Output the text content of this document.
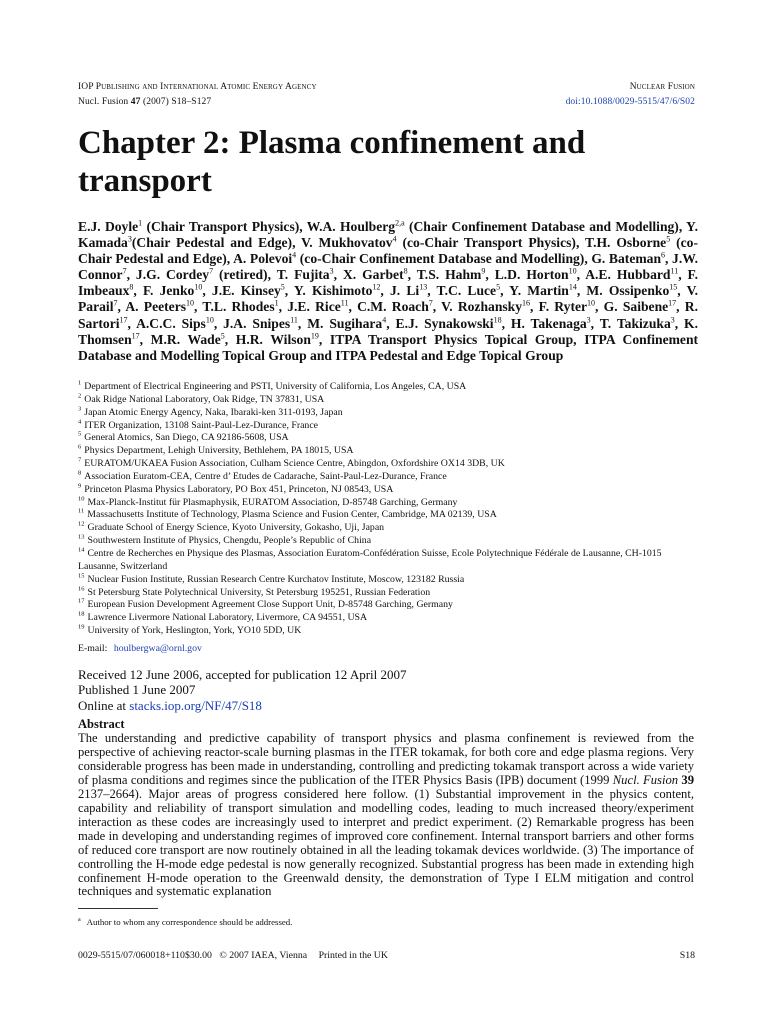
IOP Publishing and International Atomic Energy Agency	Nuclear Fusion
Nucl. Fusion 47 (2007) S18–S127	doi:10.1088/0029-5515/47/6/S02
Chapter 2: Plasma confinement and transport
E.J. Doyle$^1$ (Chair Transport Physics), W.A. Houlberg$^{2,a}$ (Chair Confinement Database and Modelling), Y. Kamada$^3$(Chair Pedestal and Edge), V. Mukhovatov$^4$ (co-Chair Transport Physics), T.H. Osborne$^5$ (co-Chair Pedestal and Edge), A. Polevoi$^4$ (co-Chair Confinement Database and Modelling), G. Bateman$^6$, J.W. Connor$^7$, J.G. Cordey$^7$ (retired), T. Fujita$^3$, X. Garbet$^8$, T.S. Hahm$^9$, L.D. Horton$^{10}$, A.E. Hubbard$^{11}$, F. Imbeaux$^8$, F. Jenko$^{10}$, J.E. Kinsey$^5$, Y. Kishimoto$^{12}$, J. Li$^{13}$, T.C. Luce$^5$, Y. Martin$^{14}$, M. Ossipenko$^{15}$, V. Parail$^7$, A. Peeters$^{10}$, T.L. Rhodes$^1$, J.E. Rice$^{11}$, C.M. Roach$^7$, V. Rozhansky$^{16}$, F. Ryter$^{10}$, G. Saibene$^{17}$, R. Sartori$^{17}$, A.C.C. Sips$^{10}$, J.A. Snipes$^{11}$, M. Sugihara$^4$, E.J. Synakowski$^{18}$, H. Takenaga$^3$, T. Takizuka$^3$, K. Thomsen$^{17}$, M.R. Wade$^5$, H.R. Wilson$^{19}$, ITPA Transport Physics Topical Group, ITPA Confinement Database and Modelling Topical Group and ITPA Pedestal and Edge Topical Group
$^1$ Department of Electrical Engineering and PSTI, University of California, Los Angeles, CA, USA
$^2$ Oak Ridge National Laboratory, Oak Ridge, TN 37831, USA
$^3$ Japan Atomic Energy Agency, Naka, Ibaraki-ken 311-0193, Japan
$^4$ ITER Organization, 13108 Saint-Paul-Lez-Durance, France
$^5$ General Atomics, San Diego, CA 92186-5608, USA
$^6$ Physics Department, Lehigh University, Bethlehem, PA 18015, USA
$^7$ EURATOM/UKAEA Fusion Association, Culham Science Centre, Abingdon, Oxfordshire OX14 3DB, UK
$^8$ Association Euratom-CEA, Centre d’ Etudes de Cadarache, Saint-Paul-Lez-Durance, France
$^9$ Princeton Plasma Physics Laboratory, PO Box 451, Princeton, NJ 08543, USA
$^{10}$ Max-Planck-Institut für Plasmaphysik, EURATOM Association, D-85748 Garching, Germany
$^{11}$ Massachusetts Institute of Technology, Plasma Science and Fusion Center, Cambridge, MA 02139, USA
$^{12}$ Graduate School of Energy Science, Kyoto University, Gokasho, Uji, Japan
$^{13}$ Southwestern Institute of Physics, Chengdu, People’s Republic of China
$^{14}$ Centre de Recherches en Physique des Plasmas, Association Euratom-Confédération Suisse, Ecole Polytechnique Fédérale de Lausanne, CH-1015 Lausanne, Switzerland
$^{15}$ Nuclear Fusion Institute, Russian Research Centre Kurchatov Institute, Moscow, 123182 Russia
$^{16}$ St Petersburg State Polytechnical University, St Petersburg 195251, Russian Federation
$^{17}$ European Fusion Development Agreement Close Support Unit, D-85748 Garching, Germany
$^{18}$ Lawrence Livermore National Laboratory, Livermore, CA 94551, USA
$^{19}$ University of York, Heslington, York, YO10 5DD, UK
E-mail: houlbergwa@ornl.gov
Received 12 June 2006, accepted for publication 12 April 2007
Published 1 June 2007
Online at stacks.iop.org/NF/47/S18
Abstract

The understanding and predictive capability of transport physics and plasma confinement is reviewed from the perspective of achieving reactor-scale burning plasmas in the ITER tokamak, for both core and edge plasma regions. Very considerable progress has been made in understanding, controlling and predicting tokamak transport across a wide variety of plasma conditions and regimes since the publication of the ITER Physics Basis (IPB) document (1999 Nucl. Fusion 39 2137–2664). Major areas of progress considered here follow. (1) Substantial improvement in the physics content, capability and reliability of transport simulation and modelling codes, leading to much increased theory/experiment interaction as these codes are increasingly used to interpret and predict experiment. (2) Remarkable progress has been made in developing and understanding regimes of improved core confinement. Internal transport barriers and other forms of reduced core transport are now routinely obtained in all the leading tokamak devices worldwide. (3) The importance of controlling the H-mode edge pedestal is now generally recognized. Substantial progress has been made in extending high confinement H-mode operation to the Greenwald density, the demonstration of Type I ELM mitigation and control techniques and systematic explanation

$^a$ Author to whom any correspondence should be addressed.
0029-5515/07/060018+110$30.00 © 2007 IAEA, Vienna Printed in the UK	S18
